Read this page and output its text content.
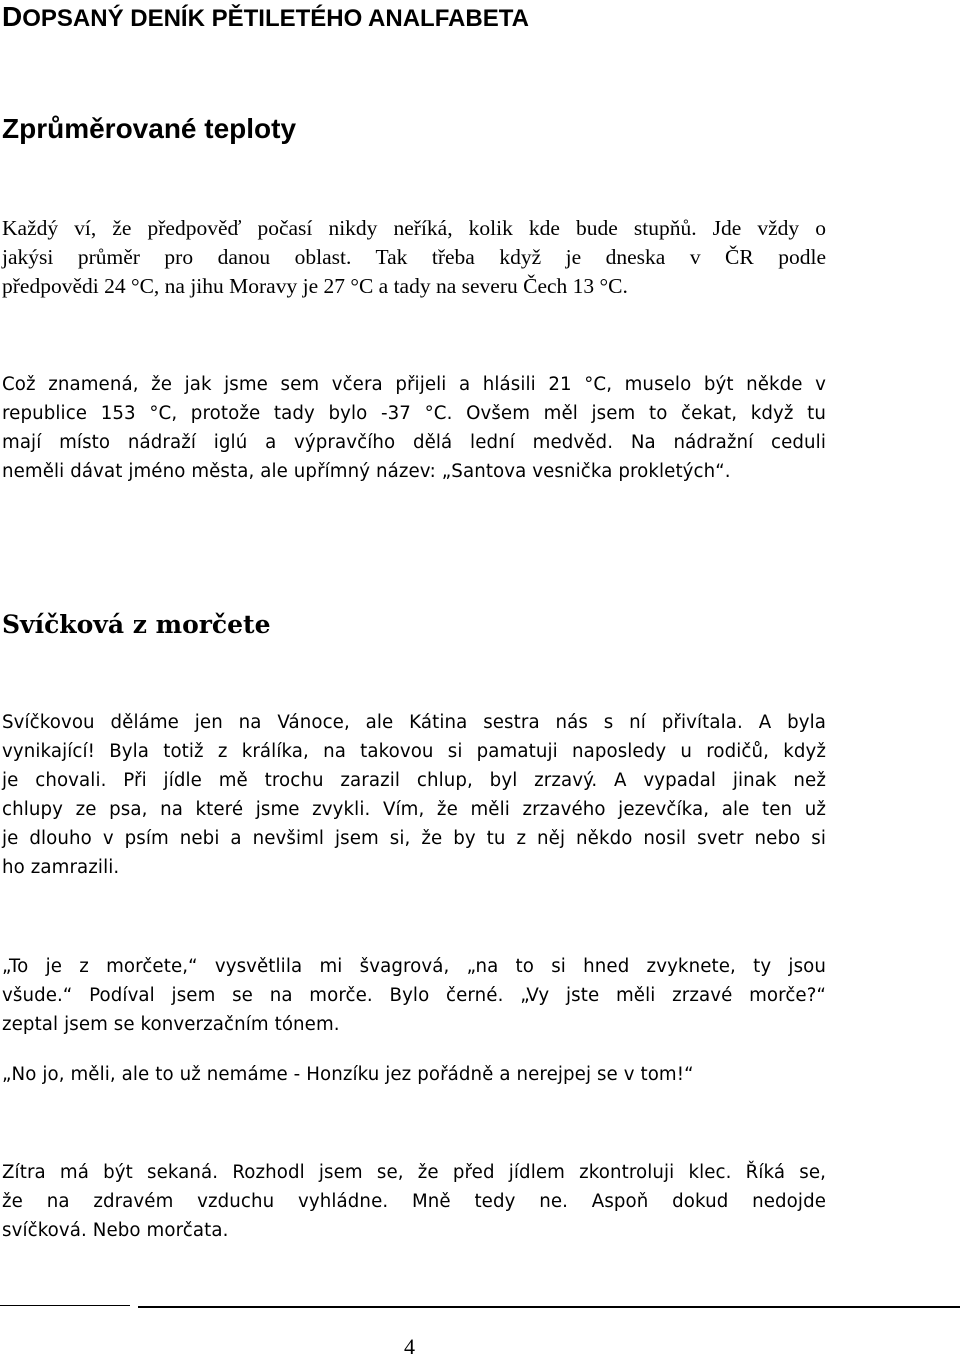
DOPSANÝ DENÍK PĚTILETÉHO ANALFABETA
Zprůměrované teploty
Každý ví, že předpověď počasí nikdy neříká, kolik kde bude stupňů. Jde vždy o
jakýsi průměr pro danou oblast. Tak třeba když je dneska v ČR podle
předpovědi 24 °C, na jihu Moravy je 27 °C a tady na severu Čech 13 °C.
Což znamená, že jak jsme sem včera přijeli a hlásili 21 °C, muselo být někde v
republice 153 °C, protože tady bylo -37 °C. Ovšem měl jsem to čekat, když tu
mají místo nádraží iglú a výpravčího dělá lední medvěd. Na nádražní ceduli
neměli dávat jméno města, ale upřímný název: „Santova vesnička prokletých“.
Svíčková z morčete
Svíčkovou děláme jen na Vánoce, ale Kátina sestra nás s ní přivítala. A byla
vynikající! Byla totiž z králíka, na takovou si pamatuji naposledy u rodičů, když
je chovali. Při jídle mě trochu zarazil chlup, byl zrzavý. A vypadal jinak než
chlupy ze psa, na které jsme zvykli. Vím, že měli zrzavého jezevčíka, ale ten už
je dlouho v psím nebi a nevšiml jsem si, že by tu z něj někdo nosil svetr nebo si
ho zamrazili.
„To je z morčete,“ vysvětlila mi švagrová, „na to si hned zvyknete, ty jsou
všude.“ Podíval jsem se na morče. Bylo černé. „Vy jste měli zrzavé morče?“
zeptal jsem se konverzačním tónem.
„No jo, měli, ale to už nemáme - Honzíku jez pořádně a nerejpej se v tom!“
Zítra má být sekaná. Rozhodl jsem se, že před jídlem zkontroluji klec. Říká se,
že na zdravém vzduchu vyhládne. Mně tedy ne. Aspoň dokud nedojde
svíčková. Nebo morčata.
4
